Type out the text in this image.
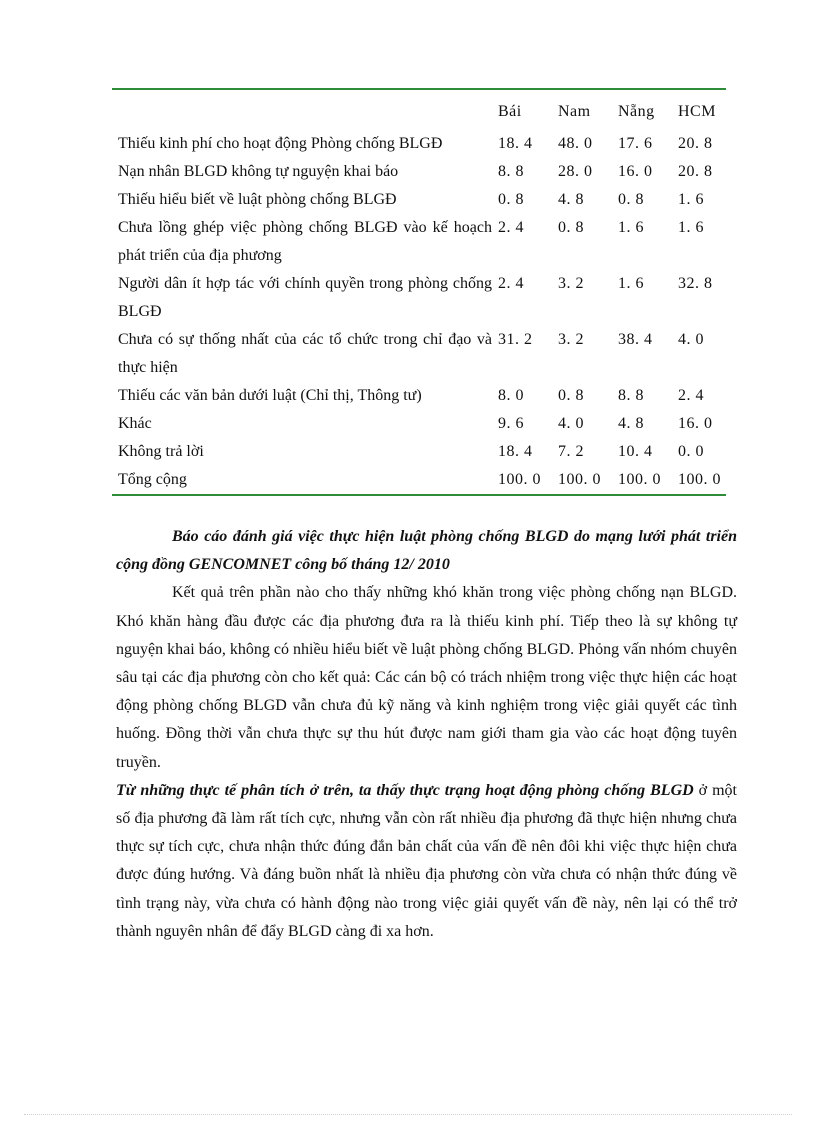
	Bái	Nam	Nẵng	HCM
Thiếu kinh phí cho hoạt động Phòng chống BLGĐ	18. 4	48. 0	17. 6	20. 8
Nạn nhân BLGD không tự nguyện khai báo	8. 8	28. 0	16. 0	20. 8
Thiếu hiểu biết về luật phòng chống BLGĐ	0. 8	4. 8	0. 8	1. 6
Chưa lồng ghép việc phòng chống BLGĐ vào kế hoạch phát triển của địa phương	2. 4	0. 8	1. 6	1. 6
Người dân ít hợp tác với chính quyền trong phòng chống BLGĐ	2. 4	3. 2	1. 6	32. 8
Chưa có sự thống nhất của các tổ chức trong chỉ đạo và thực hiện	31. 2	3. 2	38. 4	4. 0
Thiếu các văn bản dưới luật (Chỉ thị, Thông tư)	8. 0	0. 8	8. 8	2. 4
Khác	9. 6	4. 0	4. 8	16. 0
Không trả lời	18. 4	7. 2	10. 4	0. 0
Tổng cộng	100. 0	100. 0	100. 0	100. 0

Báo cáo đánh giá việc thực hiện luật phòng chống BLGD do mạng lưới phát triển cộng đồng GENCOMNET công bố tháng 12/ 2010

Kết quả trên phần nào cho thấy những khó khăn trong việc phòng chống nạn BLGD. Khó khăn hàng đầu được các địa phương đưa ra là thiếu kinh phí. Tiếp theo là sự không tự nguyện khai báo, không có nhiều hiểu biết về luật phòng chống BLGD. Phỏng vấn nhóm chuyên sâu tại các địa phương còn cho kết quả: Các cán bộ có trách nhiệm trong việc thực hiện các hoạt động phòng chống BLGD vẫn chưa đủ kỹ năng và kinh nghiệm trong việc giải quyết các tình huống. Đồng thời vẫn chưa thực sự thu hút được nam giới tham gia vào các hoạt động tuyên truyền.

Từ những thực tế phân tích ở trên, ta thấy thực trạng hoạt động phòng chống BLGD ở một số địa phương đã làm rất tích cực, nhưng vẫn còn rất nhiều địa phương đã thực hiện nhưng chưa thực sự tích cực, chưa nhận thức đúng đắn bản chất của vấn đề nên đôi khi việc thực hiện chưa được đúng hướng. Và đáng buồn nhất là nhiều địa phương còn vừa chưa có nhận thức đúng về tình trạng này, vừa chưa có hành động nào trong việc giải quyết vấn đề này, nên lại có thể trở thành nguyên nhân để đẩy BLGD càng đi xa hơn.
